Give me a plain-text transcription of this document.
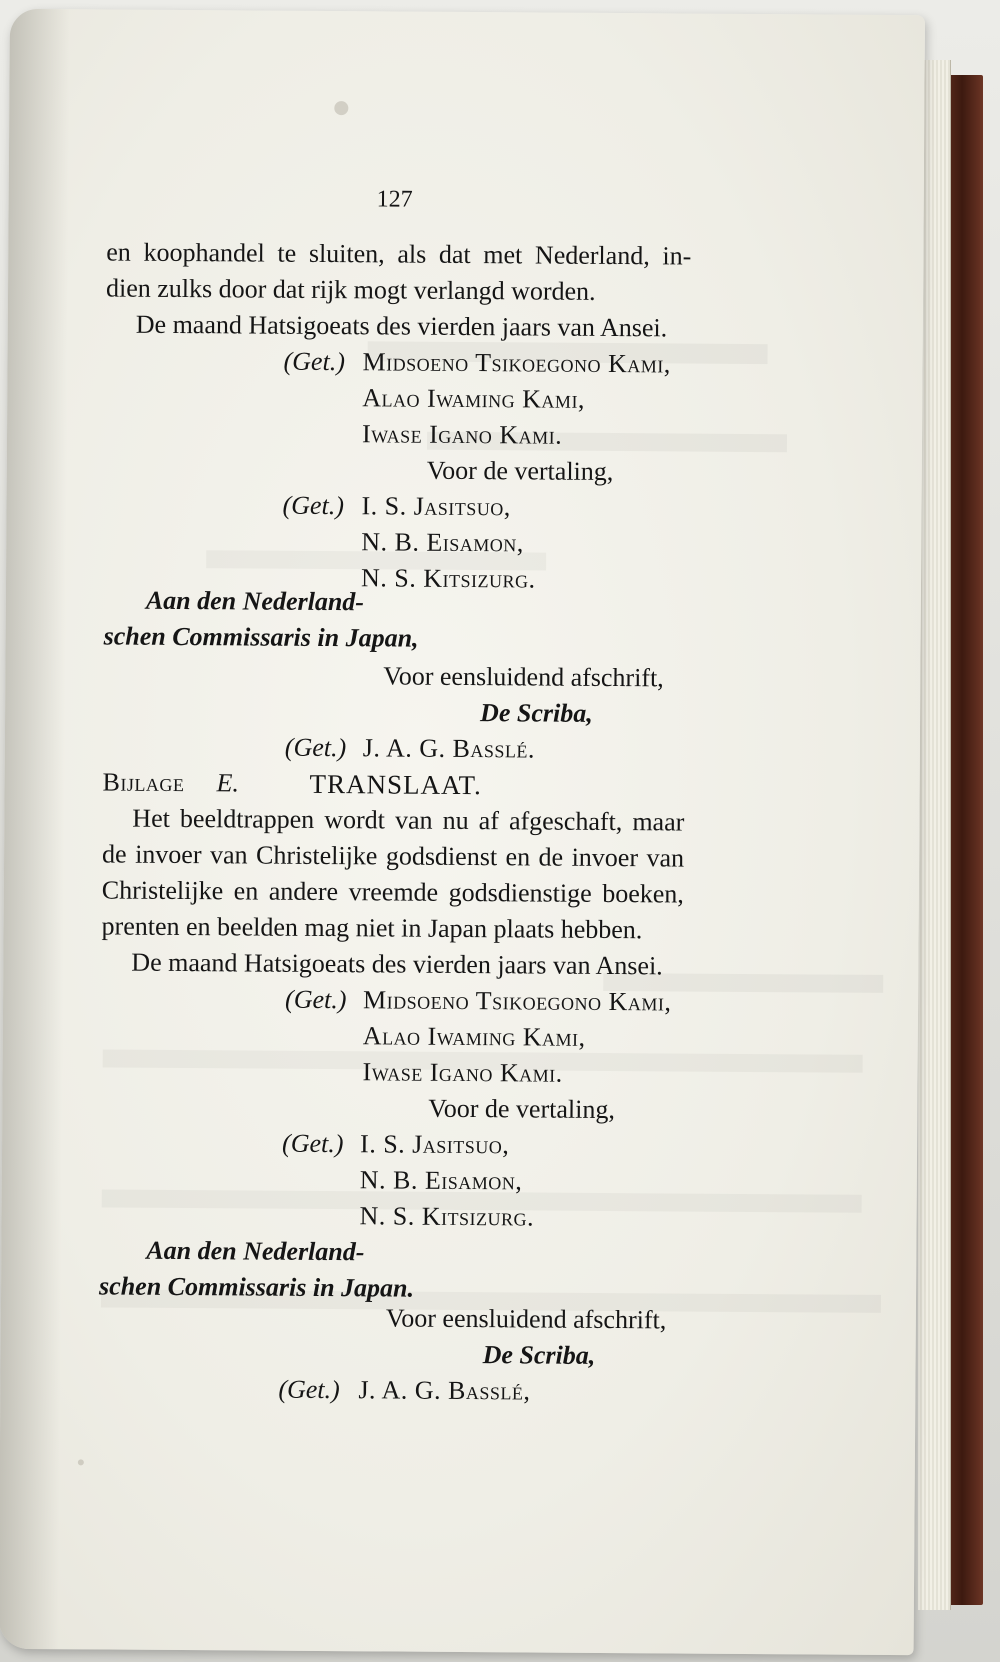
127
en koophandel te sluiten, als dat met Nederland, in-
dien zulks door dat rijk mogt verlangd worden.
De maand Hatsigoeats des vierden jaars van Ansei.
(Get.) Midsoeno Tsikoegono Kami,
Alao Iwaming Kami,
Iwase Igano Kami.
Voor de vertaling,
(Get.) I. S. Jasitsuo,
N. B. Eisamon,
N. S. Kitsizurg.
Aan den Nederland-
schen Commissaris in Japan,
Voor eensluidend afschrift,
De Scriba,
(Get.) J. A. G. Basslé.
Bijlage E.	TRANSLAAT.
Het beeldtrappen wordt van nu af afgeschaft, maar
de invoer van Christelijke godsdienst en de invoer van
Christelijke en andere vreemde godsdienstige boeken,
prenten en beelden mag niet in Japan plaats hebben.
De maand Hatsigoeats des vierden jaars van Ansei.
(Get.) Midsoeno Tsikoegono Kami,
Alao Iwaming Kami,
Iwase Igano Kami.
Voor de vertaling,
(Get.) I. S. Jasitsuo,
N. B. Eisamon,
N. S. Kitsizurg.
Aan den Nederland-
schen Commissaris in Japan.
Voor eensluidend afschrift,
De Scriba,
(Get.) J. A. G. Basslé,
